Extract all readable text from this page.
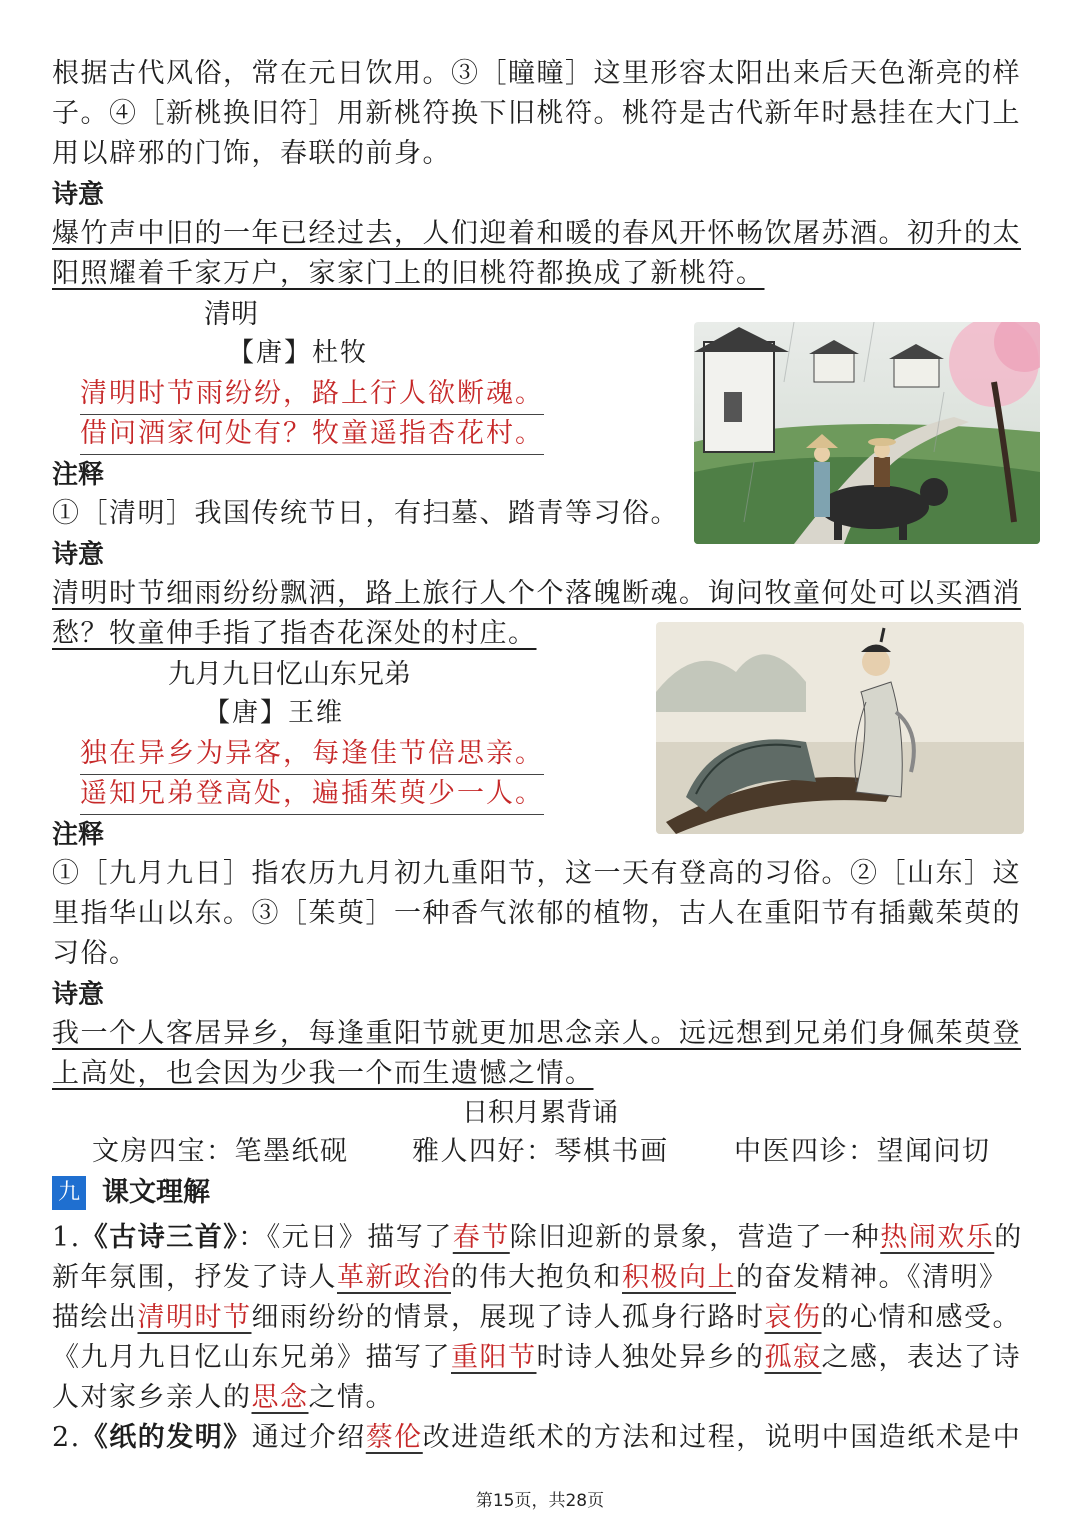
根据古代风俗，常在元日饮用。③［瞳瞳］这里形容太阳出来后天色渐亮的样
子。④［新桃换旧符］用新桃符换下旧桃符。桃符是古代新年时悬挂在大门上
用以辟邪的门饰，春联的前身。
诗意
爆竹声中旧的一年已经过去，人们迎着和暖的春风开怀畅饮屠苏酒。初升的太
阳照耀着千家万户，家家门上的旧桃符都换成了新桃符。
清明
【唐】杜牧
清明时节雨纷纷，路上行人欲断魂。
借问酒家何处有？牧童遥指杏花村。
注释
①［清明］我国传统节日，有扫墓、踏青等习俗。
诗意
清明时节细雨纷纷飘洒，路上旅行人个个落魄断魂。询问牧童何处可以买酒消
愁？牧童伸手指了指杏花深处的村庄。
九月九日忆山东兄弟
【唐】王维
独在异乡为异客，每逢佳节倍思亲。
遥知兄弟登高处，遍插茱萸少一人。
注释
①［九月九日］指农历九月初九重阳节，这一天有登高的习俗。②［山东］这
里指华山以东。③［茱萸］一种香气浓郁的植物，古人在重阳节有插戴茱萸的
习俗。
诗意
我一个人客居异乡，每逢重阳节就更加思念亲人。远远想到兄弟们身佩茱萸登
上高处，也会因为少我一个而生遗憾之情。
日积月累背诵
文房四宝：笔墨纸砚 雅人四好：琴棋书画 中医四诊：望闻问切
九 课文理解
1.《古诗三首》：《元日》描写了春节除旧迎新的景象，营造了一种热闹欢乐的
新年氛围，抒发了诗人革新政治的伟大抱负和积极向上的奋发精神。《清明》
描绘出清明时节细雨纷纷的情景，展现了诗人孤身行路时哀伤的心情和感受。
《九月九日忆山东兄弟》描写了重阳节时诗人独处异乡的孤寂之感，表达了诗
人对家乡亲人的思念之情。
2.《纸的发明》通过介绍蔡伦改进造纸术的方法和过程，说明中国造纸术是中
第15页，共28页
